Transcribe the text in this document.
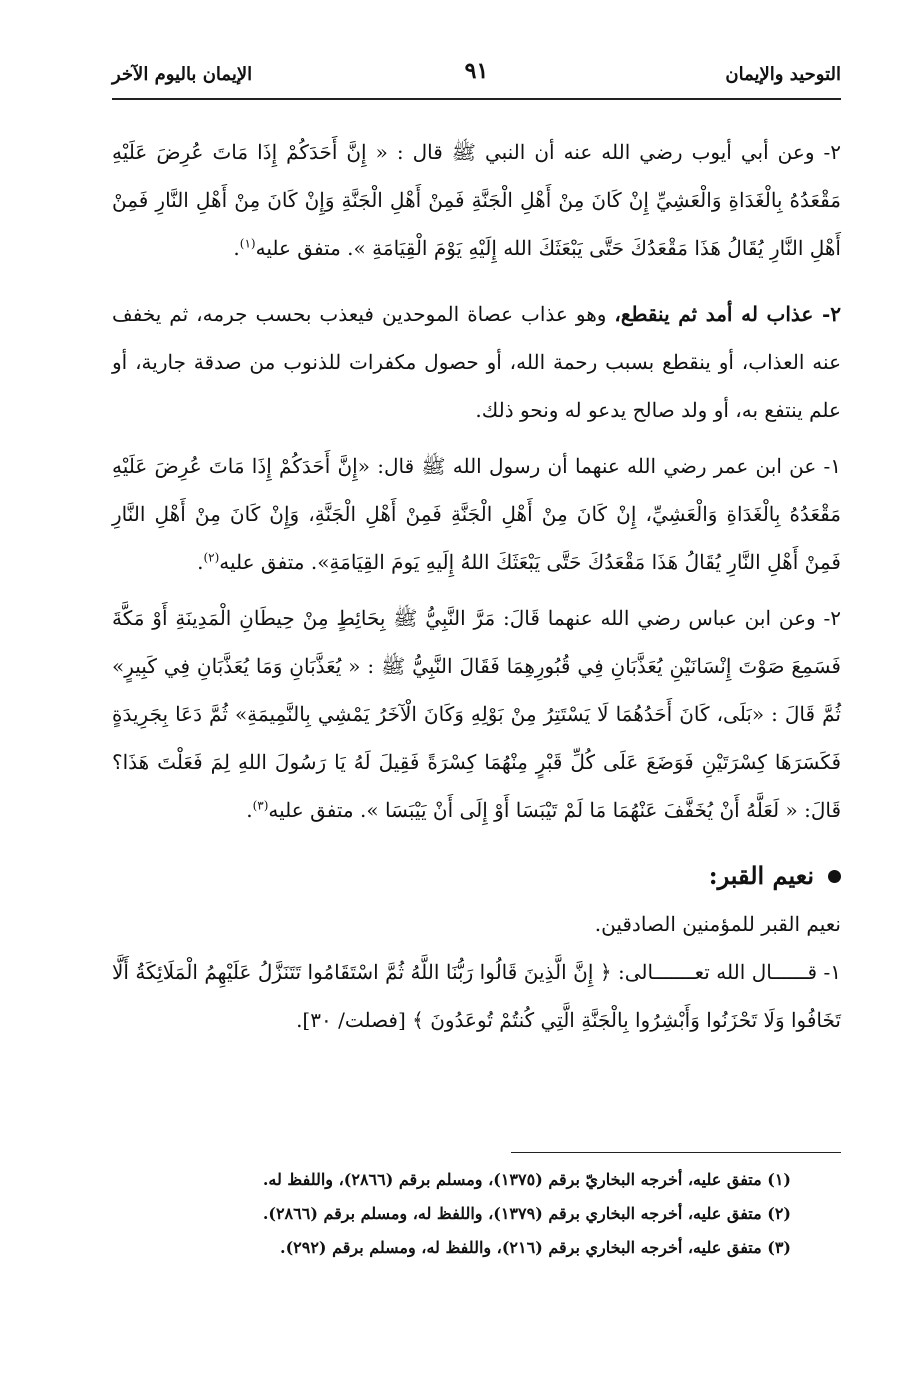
التوحيد والإيمان
٩١
الإيمان باليوم الآخر

٢- وعن أبي أيوب رضي الله عنه أن النبي ﷺ قال : « إِنَّ أَحَدَكُمْ إِذَا مَاتَ عُرِضَ عَلَيْهِ مَقْعَدُهُ بِالْغَدَاةِ وَالْعَشِيِّ إِنْ كَانَ مِنْ أَهْلِ الْجَنَّةِ فَمِنْ أَهْلِ الْجَنَّةِ وَإِنْ كَانَ مِنْ أَهْلِ النَّارِ فَمِنْ أَهْلِ النَّارِ يُقَالُ هَذَا مَقْعَدُكَ حَتَّى يَبْعَثَكَ الله إِلَيْهِ يَوْمَ الْقِيَامَةِ ». متفق عليه$^{(١)}$.

٢- عذاب له أمد ثم ينقطع، وهو عذاب عصاة الموحدين فيعذب بحسب جرمه، ثم يخفف عنه العذاب، أو ينقطع بسبب رحمة الله، أو حصول مكفرات للذنوب من صدقة جارية، أو علم ينتفع به، أو ولد صالح يدعو له ونحو ذلك.

١- عن ابن عمر رضي الله عنهما أن رسول الله ﷺ قال: «إِنَّ أَحَدَكُمْ إِذَا مَاتَ عُرِضَ عَلَيْهِ مَقْعَدُهُ بِالْغَدَاةِ وَالْعَشِيِّ، إِنْ كَانَ مِنْ أَهْلِ الْجَنَّةِ فَمِنْ أَهْلِ الْجَنَّةِ، وَإِنْ كَانَ مِنْ أَهْلِ النَّارِ فَمِنْ أَهْلِ النَّارِ يُقَالُ هَذَا مَقْعَدُكَ حَتَّى يَبْعَثَكَ اللهُ إِلَيهِ يَومَ القِيَامَةِ». متفق عليه$^{(٢)}$.

٢- وعن ابن عباس رضي الله عنهما قَالَ: مَرَّ النَّبِيُّ ﷺ بِحَائِطٍ مِنْ حِيطَانِ الْمَدِينَةِ أَوْ مَكَّةَ فَسَمِعَ صَوْتَ إِنْسَانَيْنِ يُعَذَّبَانِ فِي قُبُورِهِمَا فَقَالَ النَّبِيُّ ﷺ : « يُعَذَّبَانِ وَمَا يُعَذَّبَانِ فِي كَبِيرٍ» ثُمَّ قَالَ : «بَلَى، كَانَ أَحَدُهُمَا لَا يَسْتَتِرُ مِنْ بَوْلِهِ وَكَانَ الْآخَرُ يَمْشِي بِالنَّمِيمَةِ» ثُمَّ دَعَا بِجَرِيدَةٍ فَكَسَرَهَا كِسْرَتَيْنِ فَوَضَعَ عَلَى كُلِّ قَبْرٍ مِنْهُمَا كِسْرَةً فَقِيلَ لَهُ يَا رَسُولَ اللهِ لِمَ فَعَلْتَ هَذَا؟ قَالَ: « لَعَلَّهُ أَنْ يُخَفَّفَ عَنْهُمَا مَا لَمْ تَيْبَسَا أَوْ إِلَى أَنْ يَيْبَسَا ». متفق عليه$^{(٣)}$.

نعيم القبر:

نعيم القبر للمؤمنين الصادقين.

١- قــــــال الله تعـــــــالى: ﴿ إِنَّ الَّذِينَ قَالُوا رَبُّنَا اللَّهُ ثُمَّ اسْتَقَامُوا تَتَنَزَّلُ عَلَيْهِمُ الْمَلَائِكَةُ أَلَّا تَخَافُوا وَلَا تَحْزَنُوا وَأَبْشِرُوا بِالْجَنَّةِ الَّتِي كُنتُمْ تُوعَدُونَ ﴾ [فصلت/ ٣٠].

(١) متفق عليه، أخرجه البخاريّ برقم (١٣٧٥)، ومسلم برقم (٢٨٦٦)، واللفظ له.

(٢) متفق عليه، أخرجه البخاري برقم (١٣٧٩)، واللفظ له، ومسلم برقم (٢٨٦٦).

(٣) متفق عليه، أخرجه البخاري برقم (٢١٦)، واللفظ له، ومسلم برقم (٢٩٢).
